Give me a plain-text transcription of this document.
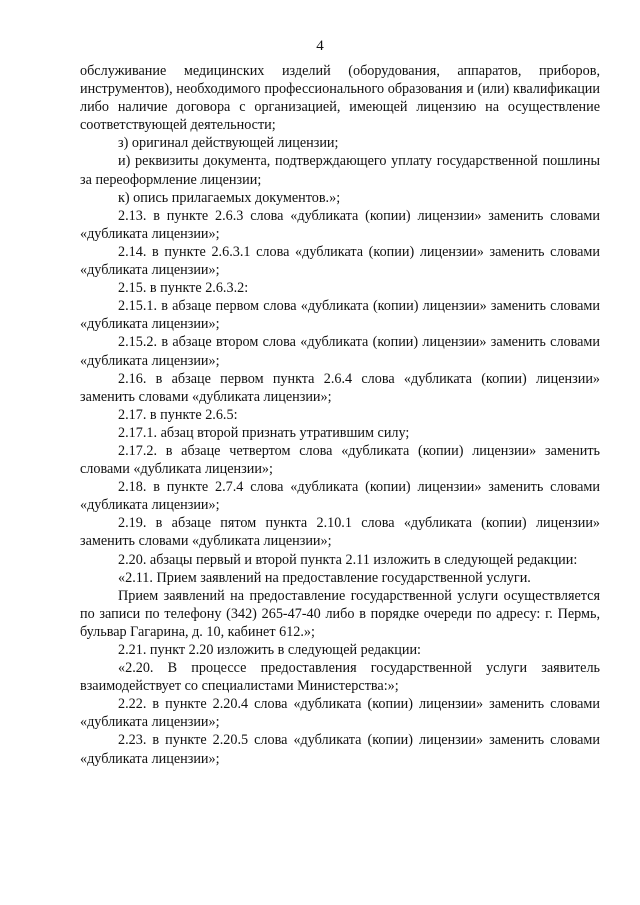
4

обслуживание медицинских изделий (оборудования, аппаратов, приборов, инструментов), необходимого профессионального образования и (или) квалификации либо наличие договора с организацией, имеющей лицензию на осуществление соответствующей деятельности;

з) оригинал действующей лицензии;

и) реквизиты документа, подтверждающего уплату государственной пошлины за переоформление лицензии;

к) опись прилагаемых документов.»;

2.13. в пункте 2.6.3 слова «дубликата (копии) лицензии» заменить словами «дубликата лицензии»;

2.14. в пункте 2.6.3.1 слова «дубликата (копии) лицензии» заменить словами «дубликата лицензии»;

2.15. в пункте 2.6.3.2:

2.15.1. в абзаце первом слова «дубликата (копии) лицензии» заменить словами «дубликата лицензии»;

2.15.2. в абзаце втором слова «дубликата (копии) лицензии» заменить словами «дубликата лицензии»;

2.16. в абзаце первом пункта 2.6.4 слова «дубликата (копии) лицензии» заменить словами «дубликата лицензии»;

2.17. в пункте 2.6.5:

2.17.1. абзац второй признать утратившим силу;

2.17.2. в абзаце четвертом слова «дубликата (копии) лицензии» заменить словами «дубликата лицензии»;

2.18. в пункте 2.7.4 слова «дубликата (копии) лицензии» заменить словами «дубликата лицензии»;

2.19. в абзаце пятом пункта 2.10.1 слова «дубликата (копии) лицензии» заменить словами «дубликата лицензии»;

2.20. абзацы первый и второй пункта 2.11 изложить в следующей редакции:

«2.11. Прием заявлений на предоставление государственной услуги.

Прием заявлений на предоставление государственной услуги осуществляется по записи по телефону (342) 265-47-40 либо в порядке очереди по адресу: г. Пермь, бульвар Гагарина, д. 10, кабинет 612.»;

2.21. пункт 2.20 изложить в следующей редакции:

«2.20. В процессе предоставления государственной услуги заявитель взаимодействует со специалистами Министерства:»;

2.22. в пункте 2.20.4 слова «дубликата (копии) лицензии» заменить словами «дубликата лицензии»;

2.23. в пункте 2.20.5 слова «дубликата (копии) лицензии» заменить словами «дубликата лицензии»;
